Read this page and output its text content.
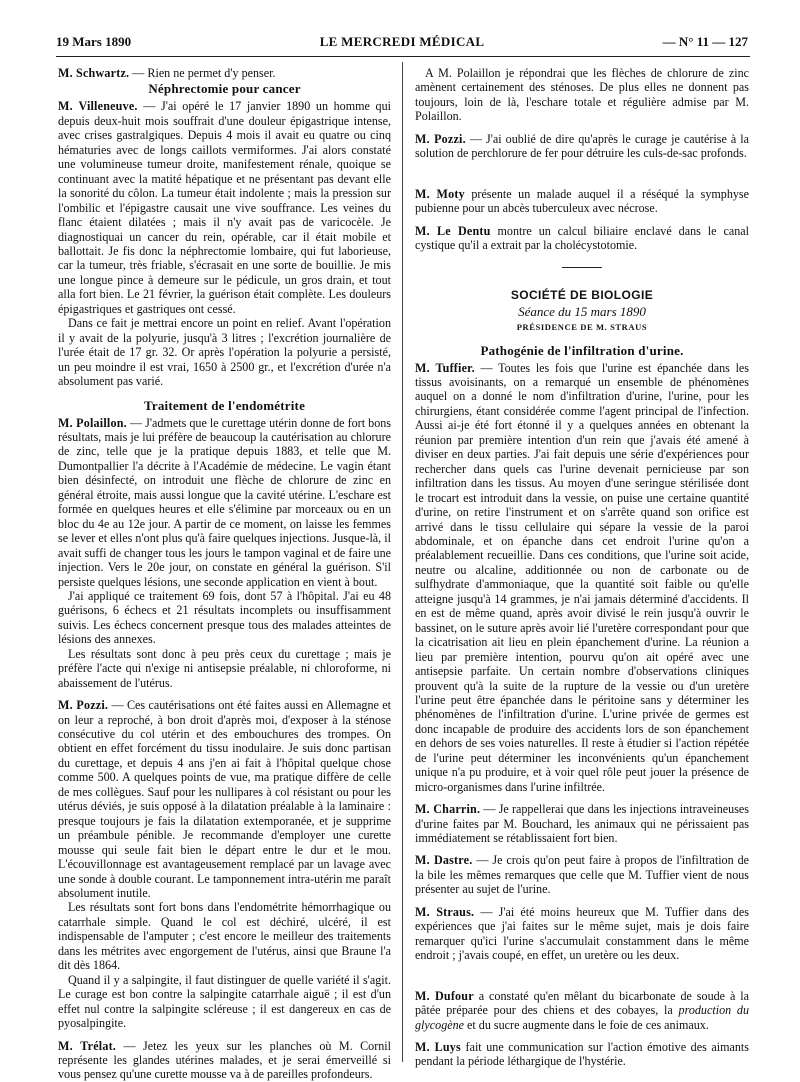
19 Mars 1890	LE MERCREDI MÉDICAL	— N° 11 — 127

M. Schwartz. — Rien ne permet d'y penser.

Néphrectomie pour cancer

M. Villeneuve. — J'ai opéré le 17 janvier 1890 un homme qui depuis deux-huit mois souffrait d'une douleur épigastrique intense, avec crises gastralgiques. Depuis 4 mois il avait eu quatre ou cinq hématuries avec de longs caillots vermiformes. J'ai alors constaté une volumineuse tumeur droite, manifestement rénale, quoique se continuant avec la matité hépatique et ne présentant pas devant elle la sonorité du côlon. La tumeur était indolente ; mais la pression sur l'ombilic et l'épigastre causait une vive souffrance. Les veines du flanc étaient dilatées ; mais il n'y avait pas de varicocèle. Je diagnostiquai un cancer du rein, opérable, car il était mobile et ballottait. Je fis donc la néphrectomie lombaire, qui fut laborieuse, car la tumeur, très friable, s'écrasait en une sorte de bouillie. Je mis une longue pince à demeure sur le pédicule, un gros drain, et tout alla fort bien. Le 21 février, la guérison était complète. Les douleurs épigastriques et gastriques ont cessé.

Dans ce fait je mettrai encore un point en relief. Avant l'opération il y avait de la polyurie, jusqu'à 3 litres ; l'excrétion journalière de l'urée était de 17 gr. 32. Or après l'opération la polyurie a persisté, un peu moindre il est vrai, 1650 à 2500 gr., et l'excrétion d'urée n'a absolument pas varié.

Traitement de l'endométrite

M. Polaillon. — J'admets que le curettage utérin donne de fort bons résultats, mais je lui préfère de beaucoup la cautérisation au chlorure de zinc, telle que je la pratique depuis 1883, et telle que M. Dumontpallier l'a décrite à l'Académie de médecine. Le vagin étant bien désinfecté, on introduit une flèche de chlorure de zinc en général étroite, mais aussi longue que la cavité utérine. L'eschare est formée en quelques heures et elle s'élimine par morceaux ou en un bloc du 4e au 12e jour. A partir de ce moment, on laisse les femmes se lever et elles n'ont plus qu'à faire quelques injections. Jusque-là, il avait suffi de changer tous les jours le tampon vaginal et de faire une injection. Vers le 20e jour, on constate en général la guérison. S'il persiste quelques lésions, une seconde application en vient à bout.

J'ai appliqué ce traitement 69 fois, dont 57 à l'hôpital. J'ai eu 48 guérisons, 6 échecs et 21 résultats incomplets ou insuffisamment suivis. Les échecs concernent presque tous des malades atteintes de lésions des annexes.

Les résultats sont donc à peu près ceux du curettage ; mais je préfère l'acte qui n'exige ni antisepsie préalable, ni chloroforme, ni abaissement de l'utérus.

M. Pozzi. — Ces cautérisations ont été faites aussi en Allemagne et on leur a reproché, à bon droit d'après moi, d'exposer à la sténose consécutive du col utérin et des embouchures des trompes. On obtient en effet forcément du tissu inodulaire. Je suis donc partisan du curettage, et depuis 4 ans j'en ai fait à l'hôpital quelque chose comme 500. A quelques points de vue, ma pratique diffère de celle de mes collègues. Sauf pour les nullipares à col résistant ou pour les utérus déviés, je suis opposé à la dilatation préalable à la laminaire : presque toujours je fais la dilatation extemporanée, et je supprime un préambule pénible. Je recommande d'employer une curette mousse qui seule fait bien le départ entre le dur et le mou. L'écouvillonnage est avantageusement remplacé par un lavage avec une sonde à double courant. Le tamponnement intra-utérin me paraît absolument inutile.

Les résultats sont fort bons dans l'endométrite hémorrhagique ou catarrhale simple. Quand le col est déchiré, ulcéré, il est indispensable de l'amputer ; c'est encore le meilleur des traitements dans les métrites avec engorgement de l'utérus, ainsi que Braune l'a dit dès 1864.

Quand il y a salpingite, il faut distinguer de quelle variété il s'agit. Le curage est bon contre la salpingite catarrhale aiguë ; il est d'un effet nul contre la salpingite scléreuse ; il est dangereux en cas de pyosalpingite.

M. Trélat. — Jetez les yeux sur les planches où M. Cornil représente les glandes utérines malades, et je serai émerveillé si vous pensez qu'une curette mousse va à de pareilles profondeurs.

A M. Polaillon je répondrai que les flèches de chlorure de zinc amènent certainement des sténoses. De plus elles ne donnent pas toujours, loin de là, l'eschare totale et régulière admise par M. Polaillon.

M. Pozzi. — J'ai oublié de dire qu'après le curage je cautérise à la solution de perchlorure de fer pour détruire les culs-de-sac profonds.

M. Moty présente un malade auquel il a réséqué la symphyse pubienne pour un abcès tuberculeux avec nécrose.

M. Le Dentu montre un calcul biliaire enclavé dans le canal cystique qu'il a extrait par la cholécystotomie.

SOCIÉTÉ DE BIOLOGIE
Séance du 15 mars 1890
PRÉSIDENCE DE M. STRAUS
Pathogénie de l'infiltration d'urine.

M. Tuffier. — Toutes les fois que l'urine est épanchée dans les tissus avoisinants, on a remarqué un ensemble de phénomènes auquel on a donné le nom d'infiltration d'urine, l'urine, pour les chirurgiens, étant considérée comme l'agent principal de l'infection. Aussi ai-je été fort étonné il y a quelques années en obtenant la réunion par première intention d'un rein que j'avais été amené à diviser en deux parties. J'ai fait depuis une série d'expériences pour rechercher dans quels cas l'urine devenait pernicieuse par son infiltration dans les tissus. Au moyen d'une seringue stérilisée dont le trocart est introduit dans la vessie, on puise une certaine quantité d'urine, on retire l'instrument et on s'arrête quand son orifice est arrivé dans le tissu cellulaire qui sépare la vessie de la paroi abdominale, et on épanche dans cet endroit l'urine qu'on a préalablement recueillie. Dans ces conditions, que l'urine soit acide, neutre ou alcaline, additionnée ou non de carbonate ou de sulfhydrate d'ammoniaque, que la quantité soit faible ou qu'elle atteigne jusqu'à 14 grammes, je n'ai jamais déterminé d'accidents. Il en est de même quand, après avoir divisé le rein jusqu'à ouvrir le bassinet, on le suture après avoir lié l'uretère correspondant pour que la cicatrisation ait lieu en plein épanchement d'urine. La réunion a lieu par première intention, pourvu qu'on ait opéré avec une antisepsie parfaite. Un certain nombre d'observations cliniques prouvent qu'à la suite de la rupture de la vessie ou d'un uretère l'urine peut être épanchée dans le péritoine sans y déterminer les phénomènes de l'infiltration d'urine. L'urine privée de germes est donc incapable de produire des accidents lors de son épanchement en dehors de ses voies naturelles. Il reste à étudier si l'action répétée de l'urine peut déterminer les inconvénients qu'un épanchement unique n'a pu produire, et à voir quel rôle peut jouer la présence de micro-organismes dans l'urine infiltrée.

M. Charrin. — Je rappellerai que dans les injections intraveineuses d'urine faites par M. Bouchard, les animaux qui ne périssaient pas immédiatement se rétablissaient fort bien.

M. Dastre. — Je crois qu'on peut faire à propos de l'infiltration de la bile les mêmes remarques que celle que M. Tuffier vient de nous présenter au sujet de l'urine.

M. Straus. — J'ai été moins heureux que M. Tuffier dans des expériences que j'ai faites sur le même sujet, mais je dois faire remarquer qu'ici l'urine s'accumulait constamment dans le même endroit ; j'avais coupé, en effet, un uretère ou les deux.

M. Dufour a constaté qu'en mêlant du bicarbonate de soude à la pâtée préparée pour des chiens et des cobayes, la production du glycogène et du sucre augmente dans le foie de ces animaux.

M. Luys fait une communication sur l'action émotive des aimants pendant la période léthargique de l'hystérie.
